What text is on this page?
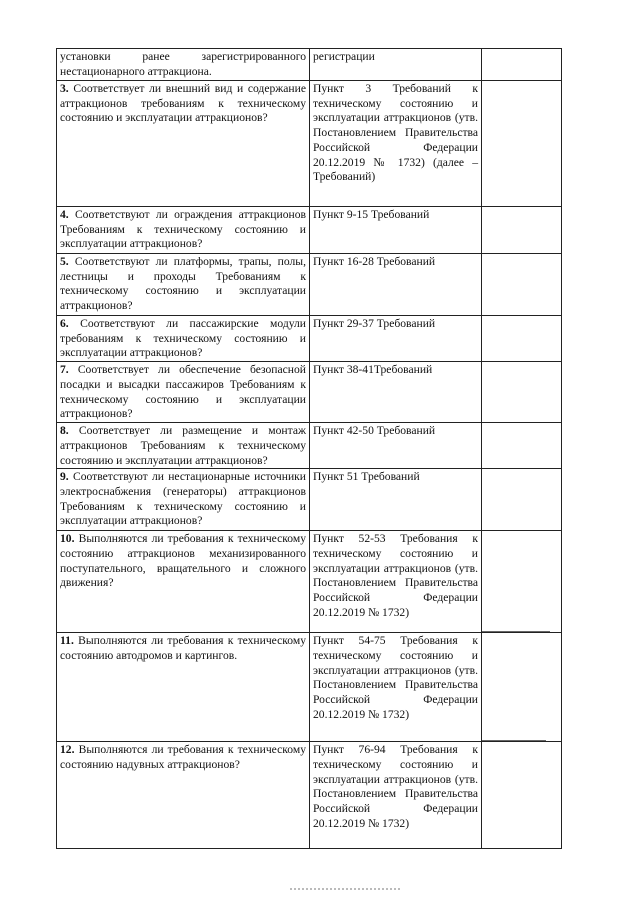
установки ранее зарегистрированного нестационарного аттракциона.	регистрации	
3. Соответствует ли внешний вид и содержание аттракционов требованиям к техническому состоянию и эксплуатации аттракционов?	Пункт 3 Требований к техническому состоянию и эксплуатации аттракционов (утв. Постановлением Правительства Российской Федерации 20.12.2019 № 1732) (далее – Требований)	
4. Соответствуют ли ограждения аттракционов Требованиям к техническому состоянию и эксплуатации аттракционов?	Пункт 9-15 Требований	
5. Соответствуют ли платформы, трапы, полы, лестницы и проходы Требованиям к техническому состоянию и эксплуатации аттракционов?	Пункт 16-28 Требований	
6. Соответствуют ли пассажирские модули требованиям к техническому состоянию и эксплуатации аттракционов?	Пункт 29-37 Требований	
7. Соответствует ли обеспечение безопасной посадки и высадки пассажиров Требованиям к техническому состоянию и эксплуатации аттракционов?	Пункт 38-41Требований	
8. Соответствует ли размещение и монтаж аттракционов Требованиям к техническому состоянию и эксплуатации аттракционов?	Пункт 42-50 Требований	
9. Соответствуют ли нестационарные источники электроснабжения (генераторы) аттракционов Требованиям к техническому состоянию и эксплуатации аттракционов?	Пункт 51 Требований	
10. Выполняются ли требования к техническому состоянию аттракционов механизированного поступательного, вращательного и сложного движения?	Пункт 52-53 Требования к техническому состоянию и эксплуатации аттракционов (утв. Постановлением Правительства Российской Федерации 20.12.2019 № 1732)	
11. Выполняются ли требования к техническому состоянию автодромов и картингов.	Пункт 54-75 Требования к техническому состоянию и эксплуатации аттракционов (утв. Постановлением Правительства Российской Федерации 20.12.2019 № 1732)	
12. Выполняются ли требования к техническому состоянию надувных аттракционов?	Пункт 76-94 Требования к техническому состоянию и эксплуатации аттракционов (утв. Постановлением Правительства Российской Федерации 20.12.2019 № 1732)	
